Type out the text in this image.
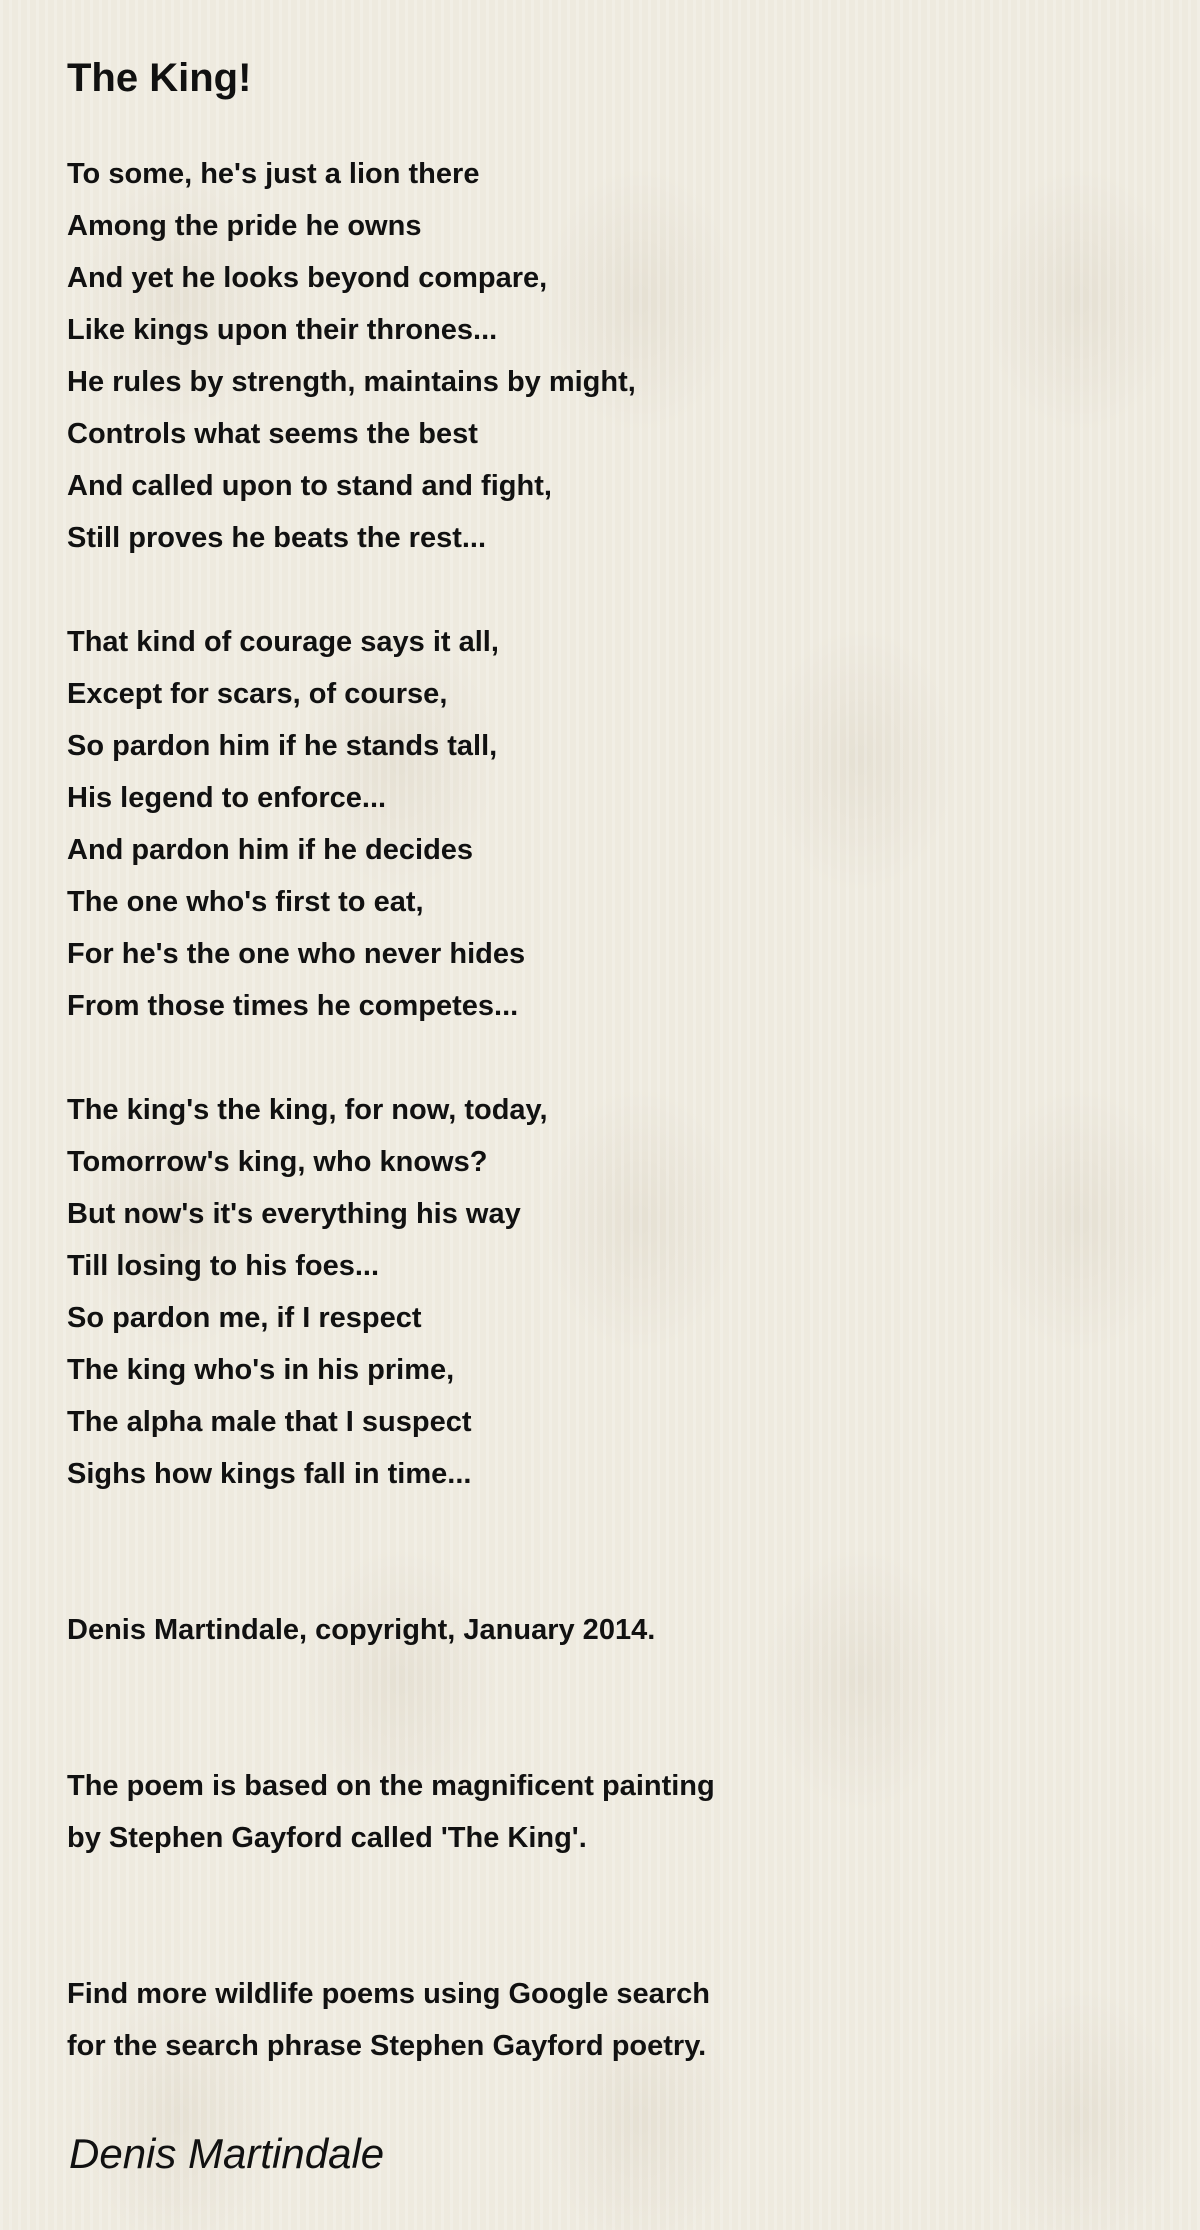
The King!
To some, he's just a lion there
Among the pride he owns
And yet he looks beyond compare,
Like kings upon their thrones...
He rules by strength, maintains by might,
Controls what seems the best
And called upon to stand and fight,
Still proves he beats the rest...
That kind of courage says it all,
Except for scars, of course,
So pardon him if he stands tall,
His legend to enforce...
And pardon him if he decides
The one who's first to eat,
For he's the one who never hides
From those times he competes...
The king's the king, for now, today,
Tomorrow's king, who knows?
But now's it's everything his way
Till losing to his foes...
So pardon me, if I respect
The king who's in his prime,
The alpha male that I suspect
Sighs how kings fall in time...
Denis Martindale, copyright, January 2014.
The poem is based on the magnificent painting
by Stephen Gayford called 'The King'.
Find more wildlife poems using Google search
for the search phrase Stephen Gayford poetry.

Denis Martindale
